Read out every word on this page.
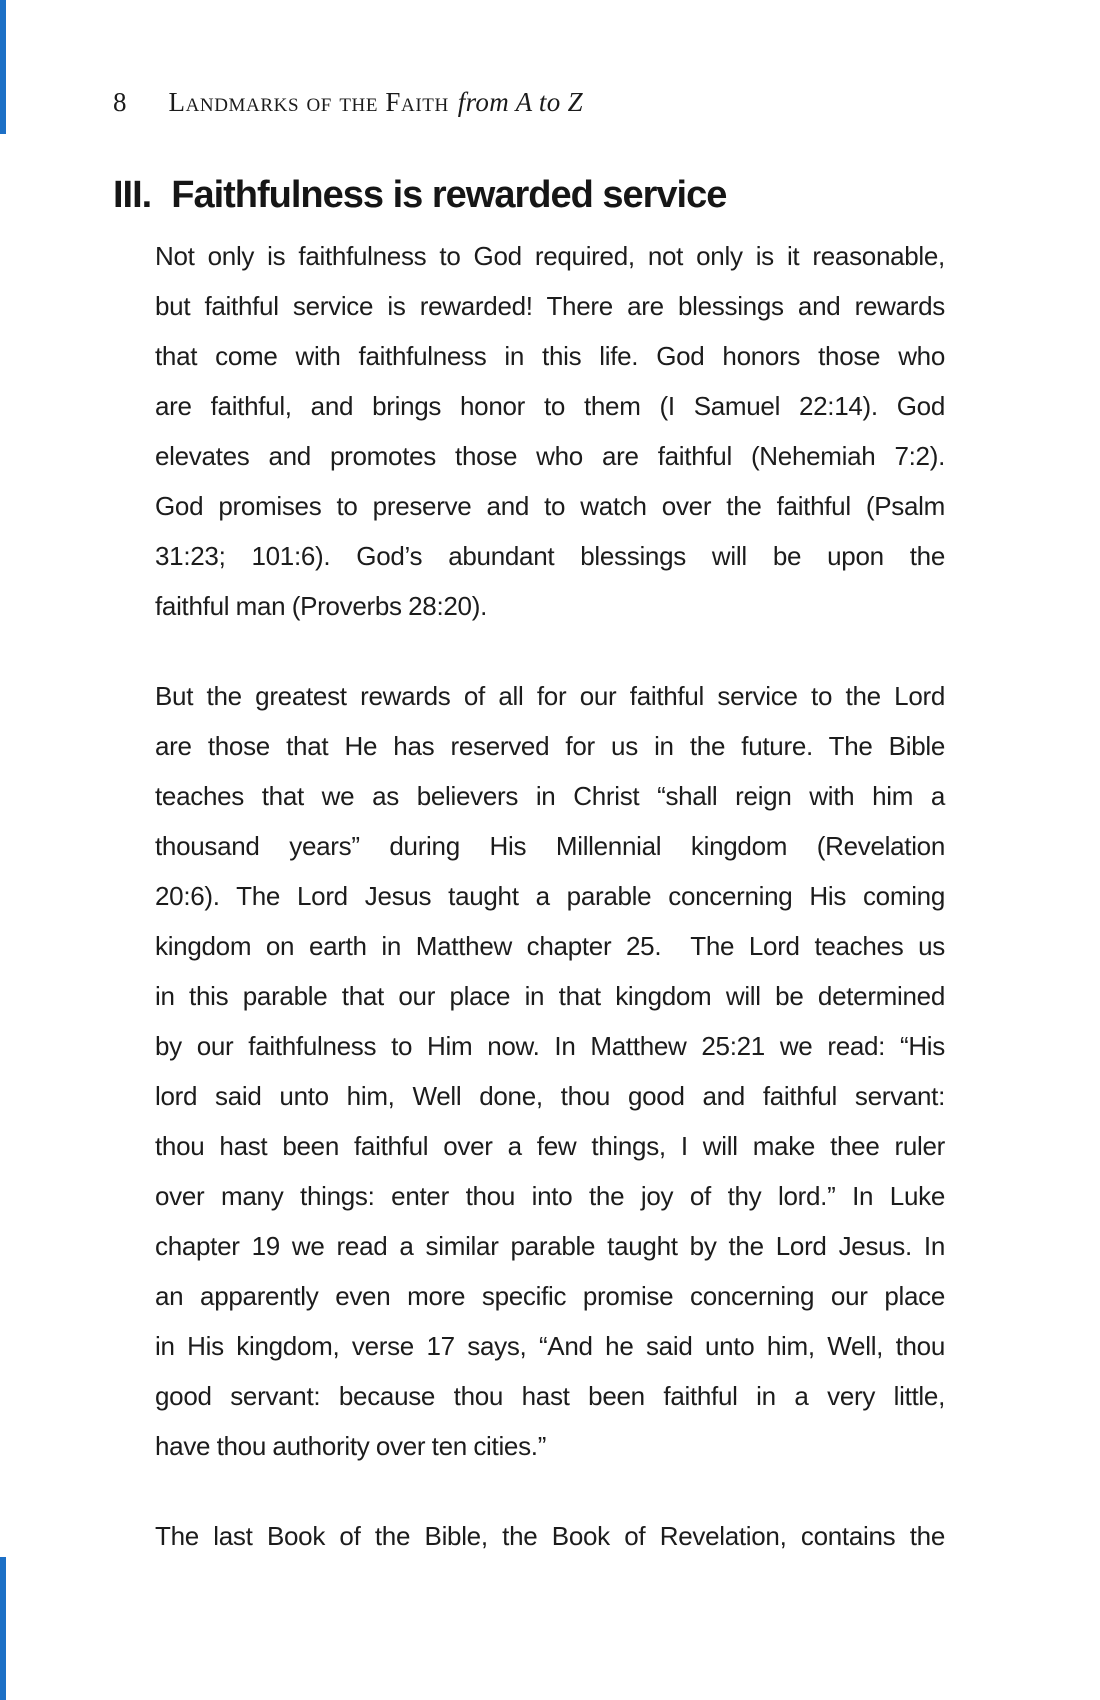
8 Landmarks of the Faith from A to Z
III. Faithfulness is rewarded service
Not only is faithfulness to God required, not only is it reasonable,
but faithful service is rewarded! There are blessings and rewards
that come with faithfulness in this life. God honors those who
are faithful, and brings honor to them (I Samuel 22:14). God
elevates and promotes those who are faithful (Nehemiah 7:2).
God promises to preserve and to watch over the faithful (Psalm
31:23; 101:6). God’s abundant blessings will be upon the
faithful man (Proverbs 28:20).
But the greatest rewards of all for our faithful service to the Lord
are those that He has reserved for us in the future. The Bible
teaches that we as believers in Christ “shall reign with him a
thousand years” during His Millennial kingdom (Revelation
20:6). The Lord Jesus taught a parable concerning His coming
kingdom on earth in Matthew chapter 25.  The Lord teaches us
in this parable that our place in that kingdom will be determined
by our faithfulness to Him now. In Matthew 25:21 we read: “His
lord said unto him, Well done, thou good and faithful servant:
thou hast been faithful over a few things, I will make thee ruler
over many things: enter thou into the joy of thy lord.” In Luke
chapter 19 we read a similar parable taught by the Lord Jesus. In
an apparently even more specific promise concerning our place
in His kingdom, verse 17 says, “And he said unto him, Well, thou
good servant: because thou hast been faithful in a very little,
have thou authority over ten cities.”
The last Book of the Bible, the Book of Revelation, contains the
